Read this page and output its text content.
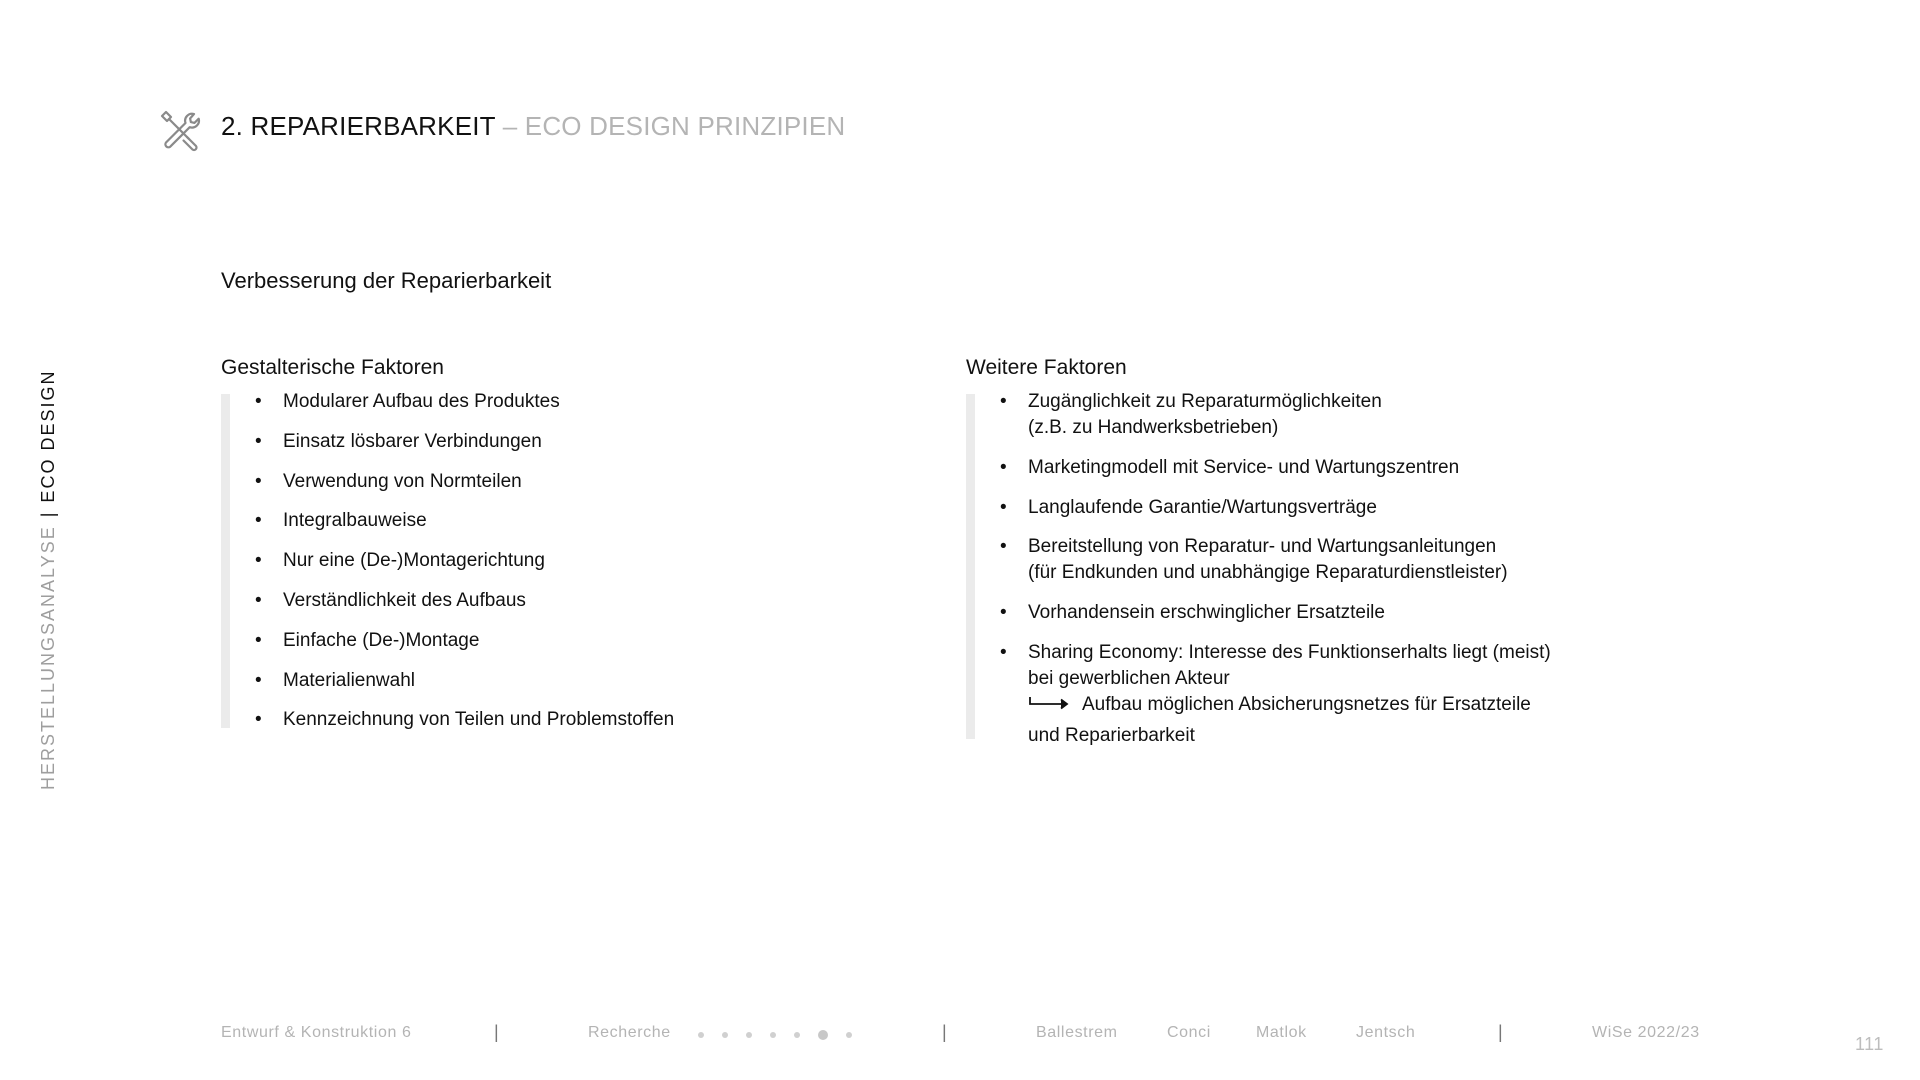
2. REPARIERBARKEIT – ECO DESIGN PRINZIPIEN
HERSTELLUNGSANALYSE|ECO DESIGN
Verbesserung der Reparierbarkeit
Gestalterische Faktoren
• Modularer Aufbau des Produktes
• Einsatz lösbarer Verbindungen
• Verwendung von Normteilen
• Integralbauweise
• Nur eine (De-)Montagerichtung
• Verständlichkeit des Aufbaus
• Einfache (De-)Montage
• Materialienwahl
• Kennzeichnung von Teilen und Problemstoffen
Weitere Faktoren
• Zugänglichkeit zu Reparaturmöglichkeiten
(z.B. zu Handwerksbetrieben)
• Marketingmodell mit Service- und Wartungszentren
• Langlaufende Garantie/Wartungsverträge
• Bereitstellung von Reparatur- und Wartungsanleitungen
(für Endkunden und unabhängige Reparaturdienstleister)
• Vorhandensein erschwinglicher Ersatzteile
• Sharing Economy: Interesse des Funktionserhalts liegt (meist)
bei gewerblichen Akteur
Aufbau möglichen Absicherungsnetzes für Ersatzteile
und Reparierbarkeit
Entwurf & Konstruktion 6	|	Recherche	|	Ballestrem	Conci	Matlok	Jentsch	|	WiSe 2022/23
111
